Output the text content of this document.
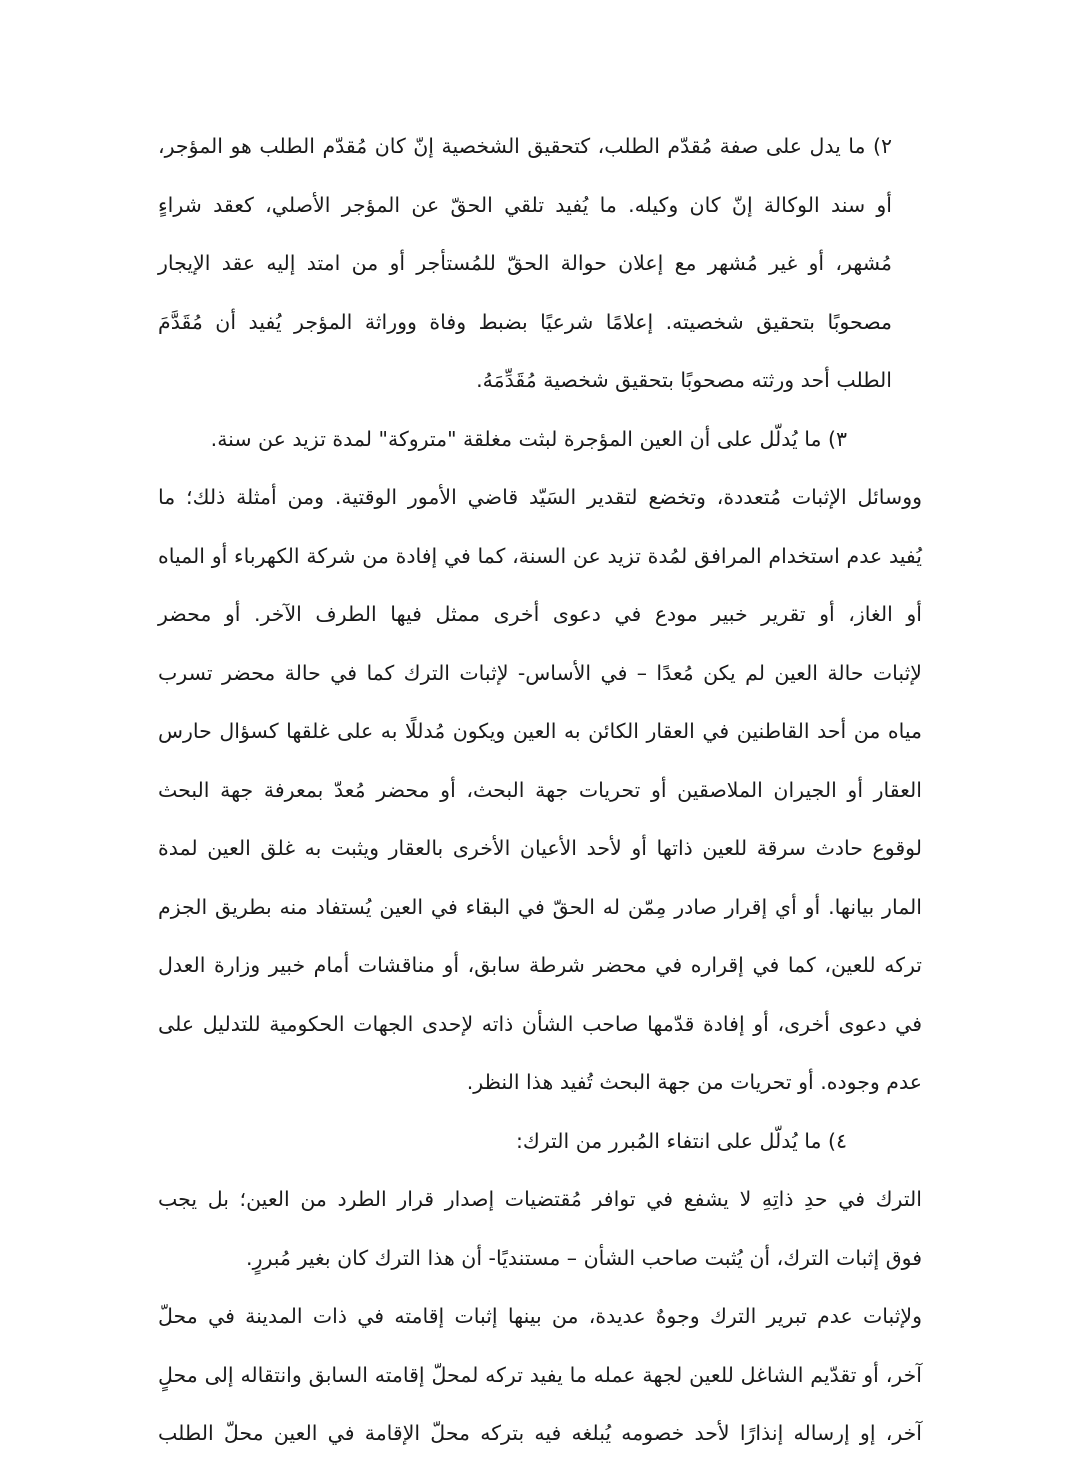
٢) ما يدل على صفة مُقدّم الطلب، كتحقيق الشخصية إنّ كان مُقدّم الطلب هو المؤجر،
أو سند الوكالة إنّ كان وكيله. ما يُفيد تلقي الحقّ عن المؤجر الأصلي، كعقد شراءٍ
مُشهر، أو غير مُشهر مع إعلان حوالة الحقّ للمُستأجر أو من امتد إليه عقد الإيجار
مصحوبًا بتحقيق شخصيته. إعلامًا شرعيًا بضبط وفاة ووراثة المؤجر يُفيد أن مُقَدَّمَ
الطلب أحد ورثته مصحوبًا بتحقيق شخصية مُقَدِّمَهُ.
٣) ما يُدلّل على أن العين المؤجرة لبثت مغلقة "متروكة" لمدة تزيد عن سنة.
ووسائل الإثبات مُتعددة، وتخضع لتقدير السَيّد قاضي الأمور الوقتية. ومن أمثلة ذلك؛ ما
يُفيد عدم استخدام المرافق لمُدة تزيد عن السنة، كما في إفادة من شركة الكهرباء أو المياه
أو الغاز، أو تقرير خبير مودع في دعوى أخرى ممثل فيها الطرف الآخر. أو محضر
لإثبات حالة العين لم يكن مُعدًا – في الأساس- لإثبات الترك كما في حالة محضر تسرب
مياه من أحد القاطنين في العقار الكائن به العين ويكون مُدللًا به على غلقها كسؤال حارس
العقار أو الجيران الملاصقين أو تحريات جهة البحث، أو محضر مُعدّ بمعرفة جهة البحث
لوقوع حادث سرقة للعين ذاتها أو لأحد الأعيان الأخرى بالعقار ويثبت به غلق العين لمدة
المار بيانها. أو أي إقرار صادر مِمّن له الحقّ في البقاء في العين يُستفاد منه بطريق الجزم
تركه للعين، كما في إقراره في محضر شرطة سابق، أو مناقشات أمام خبير وزارة العدل
في دعوى أخرى، أو إفادة قدّمها صاحب الشأن ذاته لإحدى الجهات الحكومية للتدليل على
عدم وجوده. أو تحريات من جهة البحث تُفيد هذا النظر.
٤) ما يُدلّل على انتفاء المُبرر من الترك:
الترك في حدِ ذاتِهِ لا يشفع في توافر مُقتضيات إصدار قرار الطرد من العين؛ بل يجب
فوق إثبات الترك، أن يُثبت صاحب الشأن – مستنديًا- أن هذا الترك كان بغير مُبررٍ.
ولإثبات عدم تبرير الترك وجوهٌ عديدة، من بينها إثبات إقامته في ذات المدينة في محلّ
آخر، أو تقدّيم الشاغل للعين لجهة عمله ما يفيد تركه لمحلّ إقامته السابق وانتقاله إلى محلٍ
آخر، إو إرساله إنذارًا لأحد خصومه يُبلغه فيه بتركه محلّ الإقامة في العين محلّ الطلب
